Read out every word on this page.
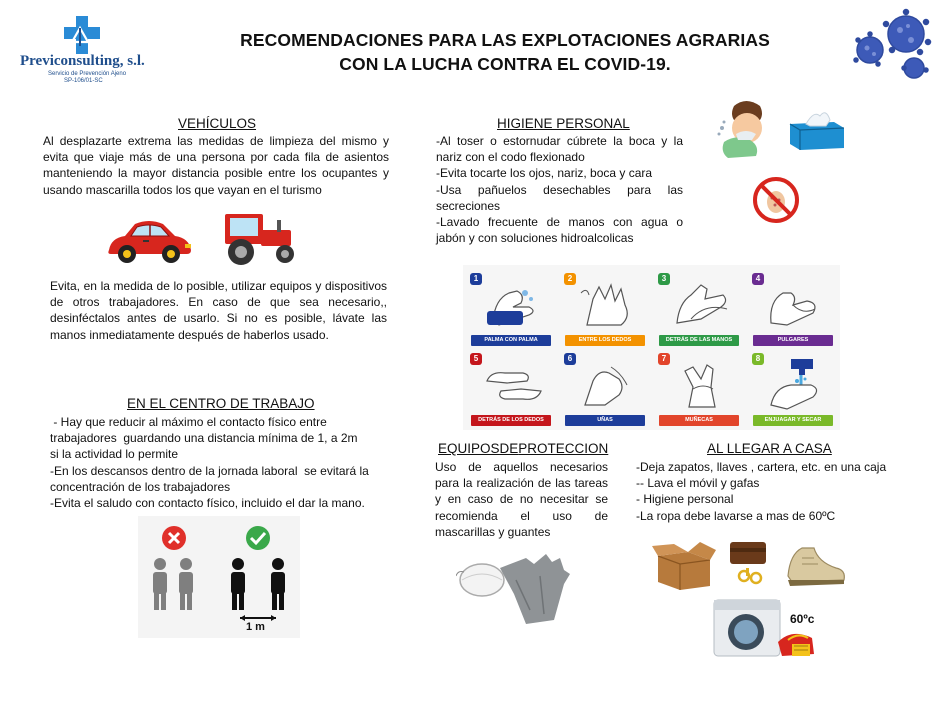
Previconsulting, s.l.
Servicio de Prevención Ajeno
SP-106/01-SC
RECOMENDACIONES PARA LAS EXPLOTACIONES AGRARIAS
CON LA LUCHA CONTRA EL COVID-19.
VEHÍCULOS
Al desplazarte extrema las medidas de limpieza del mismo y evita que viaje más de una persona por cada fila de asientos manteniendo la mayor distancia posible entre los ocupantes y usando mascarilla todos los que vayan en el turismo
Evita, en la medida de lo posible, utilizar equipos y dispositivos de otros trabajadores. En caso de que sea necesario,, desinféctalos antes de usarlo. Si no es posible, lávate las manos inmediatamente después de haberlos usado.
EN EL CENTRO DE TRABAJO
- Hay que reducir al máximo el contacto físico entre
trabajadores  guardando una distancia mínima de 1, a 2m
si la actividad lo permite
-En los descansos dentro de la jornada laboral  se evitará la
concentración de los trabajadores
-Evita el saludo con contacto físico, incluido el dar la mano.
1 m
HIGIENE PERSONAL
-Al toser o estornudar cúbrete la boca y la nariz con el codo flexionado
-Evita tocarte los ojos, nariz, boca y cara
-Usa pañuelos desechables para las secreciones
-Lavado frecuente de manos con agua o jabón y con soluciones hidroalcolicas
1
PALMA CON PALMA
2
ENTRE LOS DEDOS
3
DETRÁS DE LAS MANOS
4
PULGARES
5
DETRÁS DE LOS DEDOS
6
UÑAS
7
MUÑECAS
8
ENJUAGAR Y SECAR
EQUIPOS DE PROTECCION
Uso de aquellos necesarios para la realización de las tareas y en caso de no necesitar se recomienda el uso de mascarillas y guantes
AL LLEGAR A CASA
-Deja zapatos, llaves , cartera, etc. en una caja
-- Lava el móvil y gafas
- Higiene personal
-La ropa debe lavarse a mas de 60ºC
60ºc
